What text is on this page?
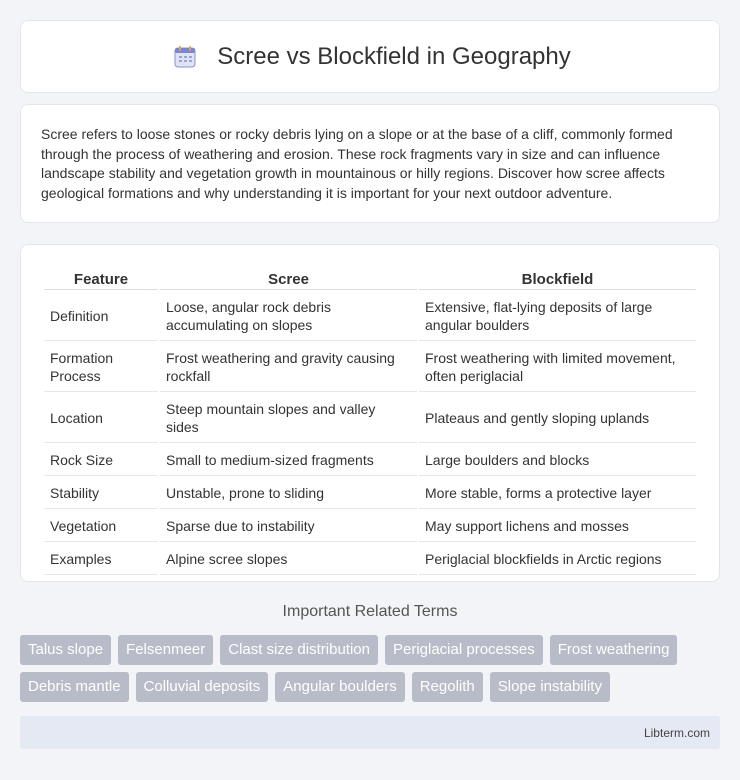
Scree vs Blockfield in Geography

Scree refers to loose stones or rocky debris lying on a slope or at the base of a cliff, commonly formed through the process of weathering and erosion. These rock fragments vary in size and can influence landscape stability and vegetation growth in mountainous or hilly regions. Discover how scree affects geological formations and why understanding it is important for your next outdoor adventure.

Feature	Scree	Blockfield
Definition	Loose, angular rock debris accumulating on slopes	Extensive, flat-lying deposits of large angular boulders
Formation Process	Frost weathering and gravity causing rockfall	Frost weathering with limited movement, often periglacial
Location	Steep mountain slopes and valley sides	Plateaus and gently sloping uplands
Rock Size	Small to medium-sized fragments	Large boulders and blocks
Stability	Unstable, prone to sliding	More stable, forms a protective layer
Vegetation	Sparse due to instability	May support lichens and mosses
Examples	Alpine scree slopes	Periglacial blockfields in Arctic regions
Important Related Terms
Talus slope	Felsenmeer	Clast size distribution	Periglacial processes	Frost weathering
Debris mantle	Colluvial deposits	Angular boulders	Regolith	Slope instability
Libterm.com
